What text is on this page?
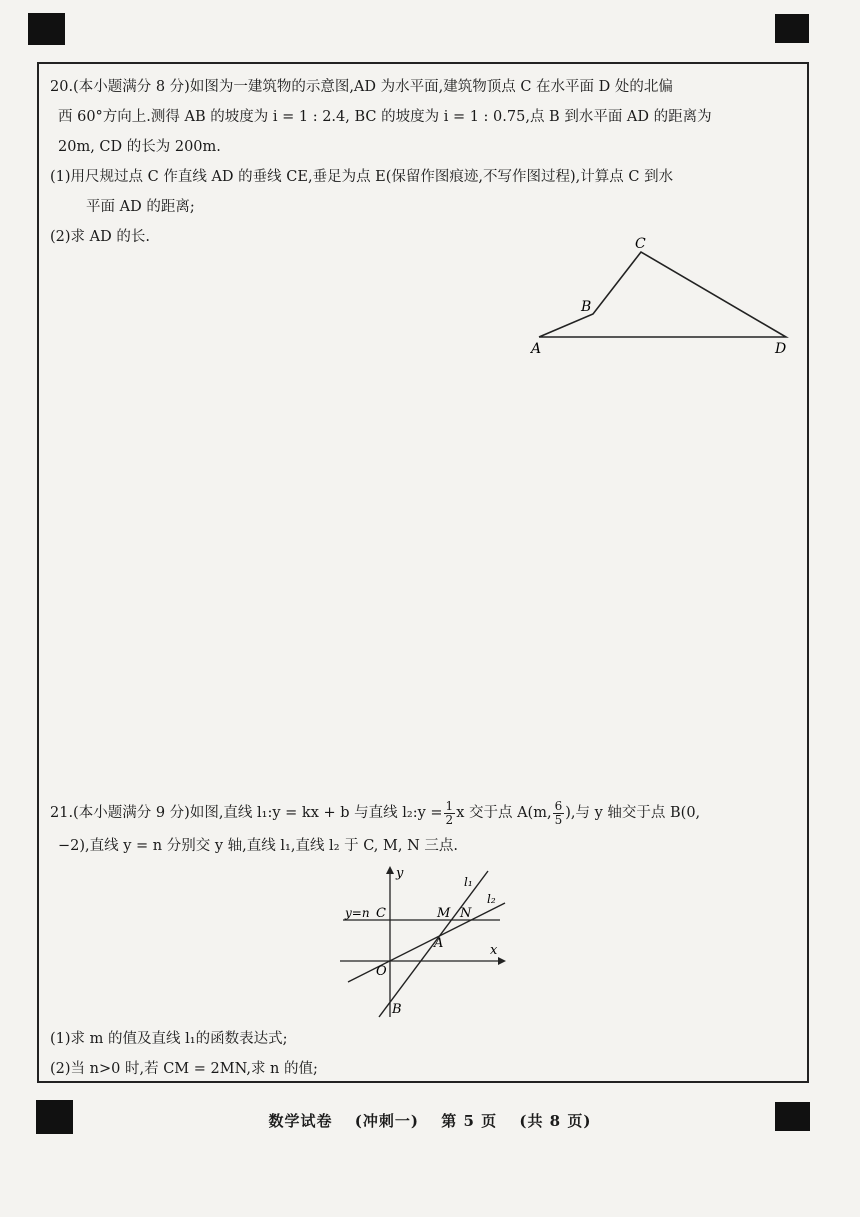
20.(本小题满分 8 分)如图为一建筑物的示意图,AD 为水平面,建筑物顶点 C 在水平面 D 处的北偏

西 60°方向上.测得 AB 的坡度为 i = 1 : 2.4, BC 的坡度为 i = 1 : 0.75,点 B 到水平面 AD 的距离为

20m, CD 的长为 200m.

(1)用尺规过点 C 作直线 AD 的垂线 CE,垂足为点 E(保留作图痕迹,不写作图过程),计算点 C 到水

平面 AD 的距离;

(2)求 AD 的长.

A
B
C
D

21.(本小题满分 9 分)如图,直线 l₁:y = kx + b 与直线 l₂:y = $\frac{1}{2}$ x 交于点 A(m, $\frac{6}{5}$ ),与 y 轴交于点 B(0,

−2),直线 y = n 分别交 y 轴,直线 l₁,直线 l₂ 于 C, M, N 三点.

y
x
O
A
B
C	M N
y=n
l₁
l₂

(1)求 m 的值及直线 l₁的函数表达式;

(2)当 n>0 时,若 CM = 2MN,求 n 的值;

数学试卷 (冲刺一) 第 5 页 (共 8 页)
